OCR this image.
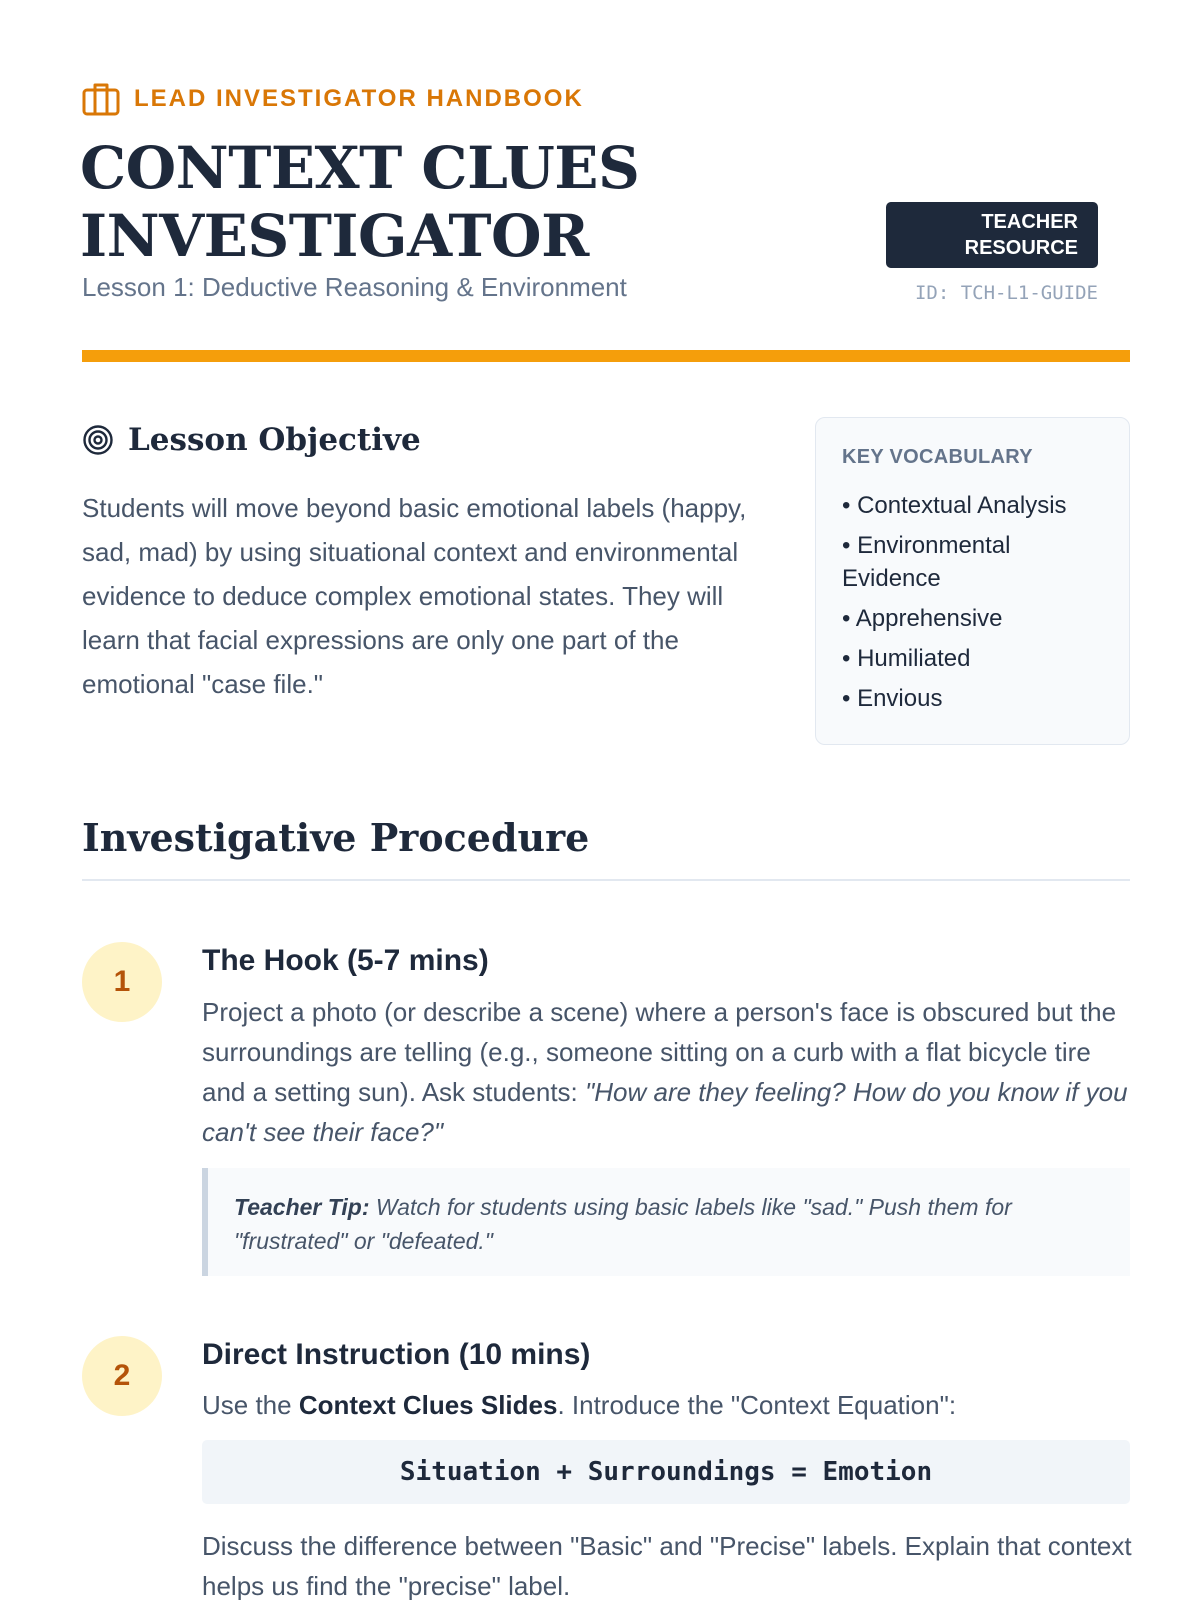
LEAD INVESTIGATOR HANDBOOK
CONTEXT CLUES
INVESTIGATOR
Lesson 1: Deductive Reasoning & Environment
TEACHER
RESOURCE
ID: TCH-L1-GUIDE
Lesson Objective

Students will move beyond basic emotional labels (happy, sad, mad) by using situational context and environmental evidence to deduce complex emotional states. They will learn that facial expressions are only one part of the emotional "case file."

KEY VOCABULARY
• Contextual Analysis
• Environmental Evidence
• Apprehensive
• Humiliated
• Envious
Investigative Procedure
1
The Hook (5-7 mins)

Project a photo (or describe a scene) where a person's face is obscured but the surroundings are telling (e.g., someone sitting on a curb with a flat bicycle tire and a setting sun). Ask students: "How are they feeling? How do you know if you can't see their face?"

Teacher Tip: Watch for students using basic labels like "sad." Push them for "frustrated" or "defeated."
2
Direct Instruction (10 mins)

Use the Context Clues Slides. Introduce the "Context Equation":

Situation + Surroundings = Emotion

Discuss the difference between "Basic" and "Precise" labels. Explain that context helps us find the "precise" label.
